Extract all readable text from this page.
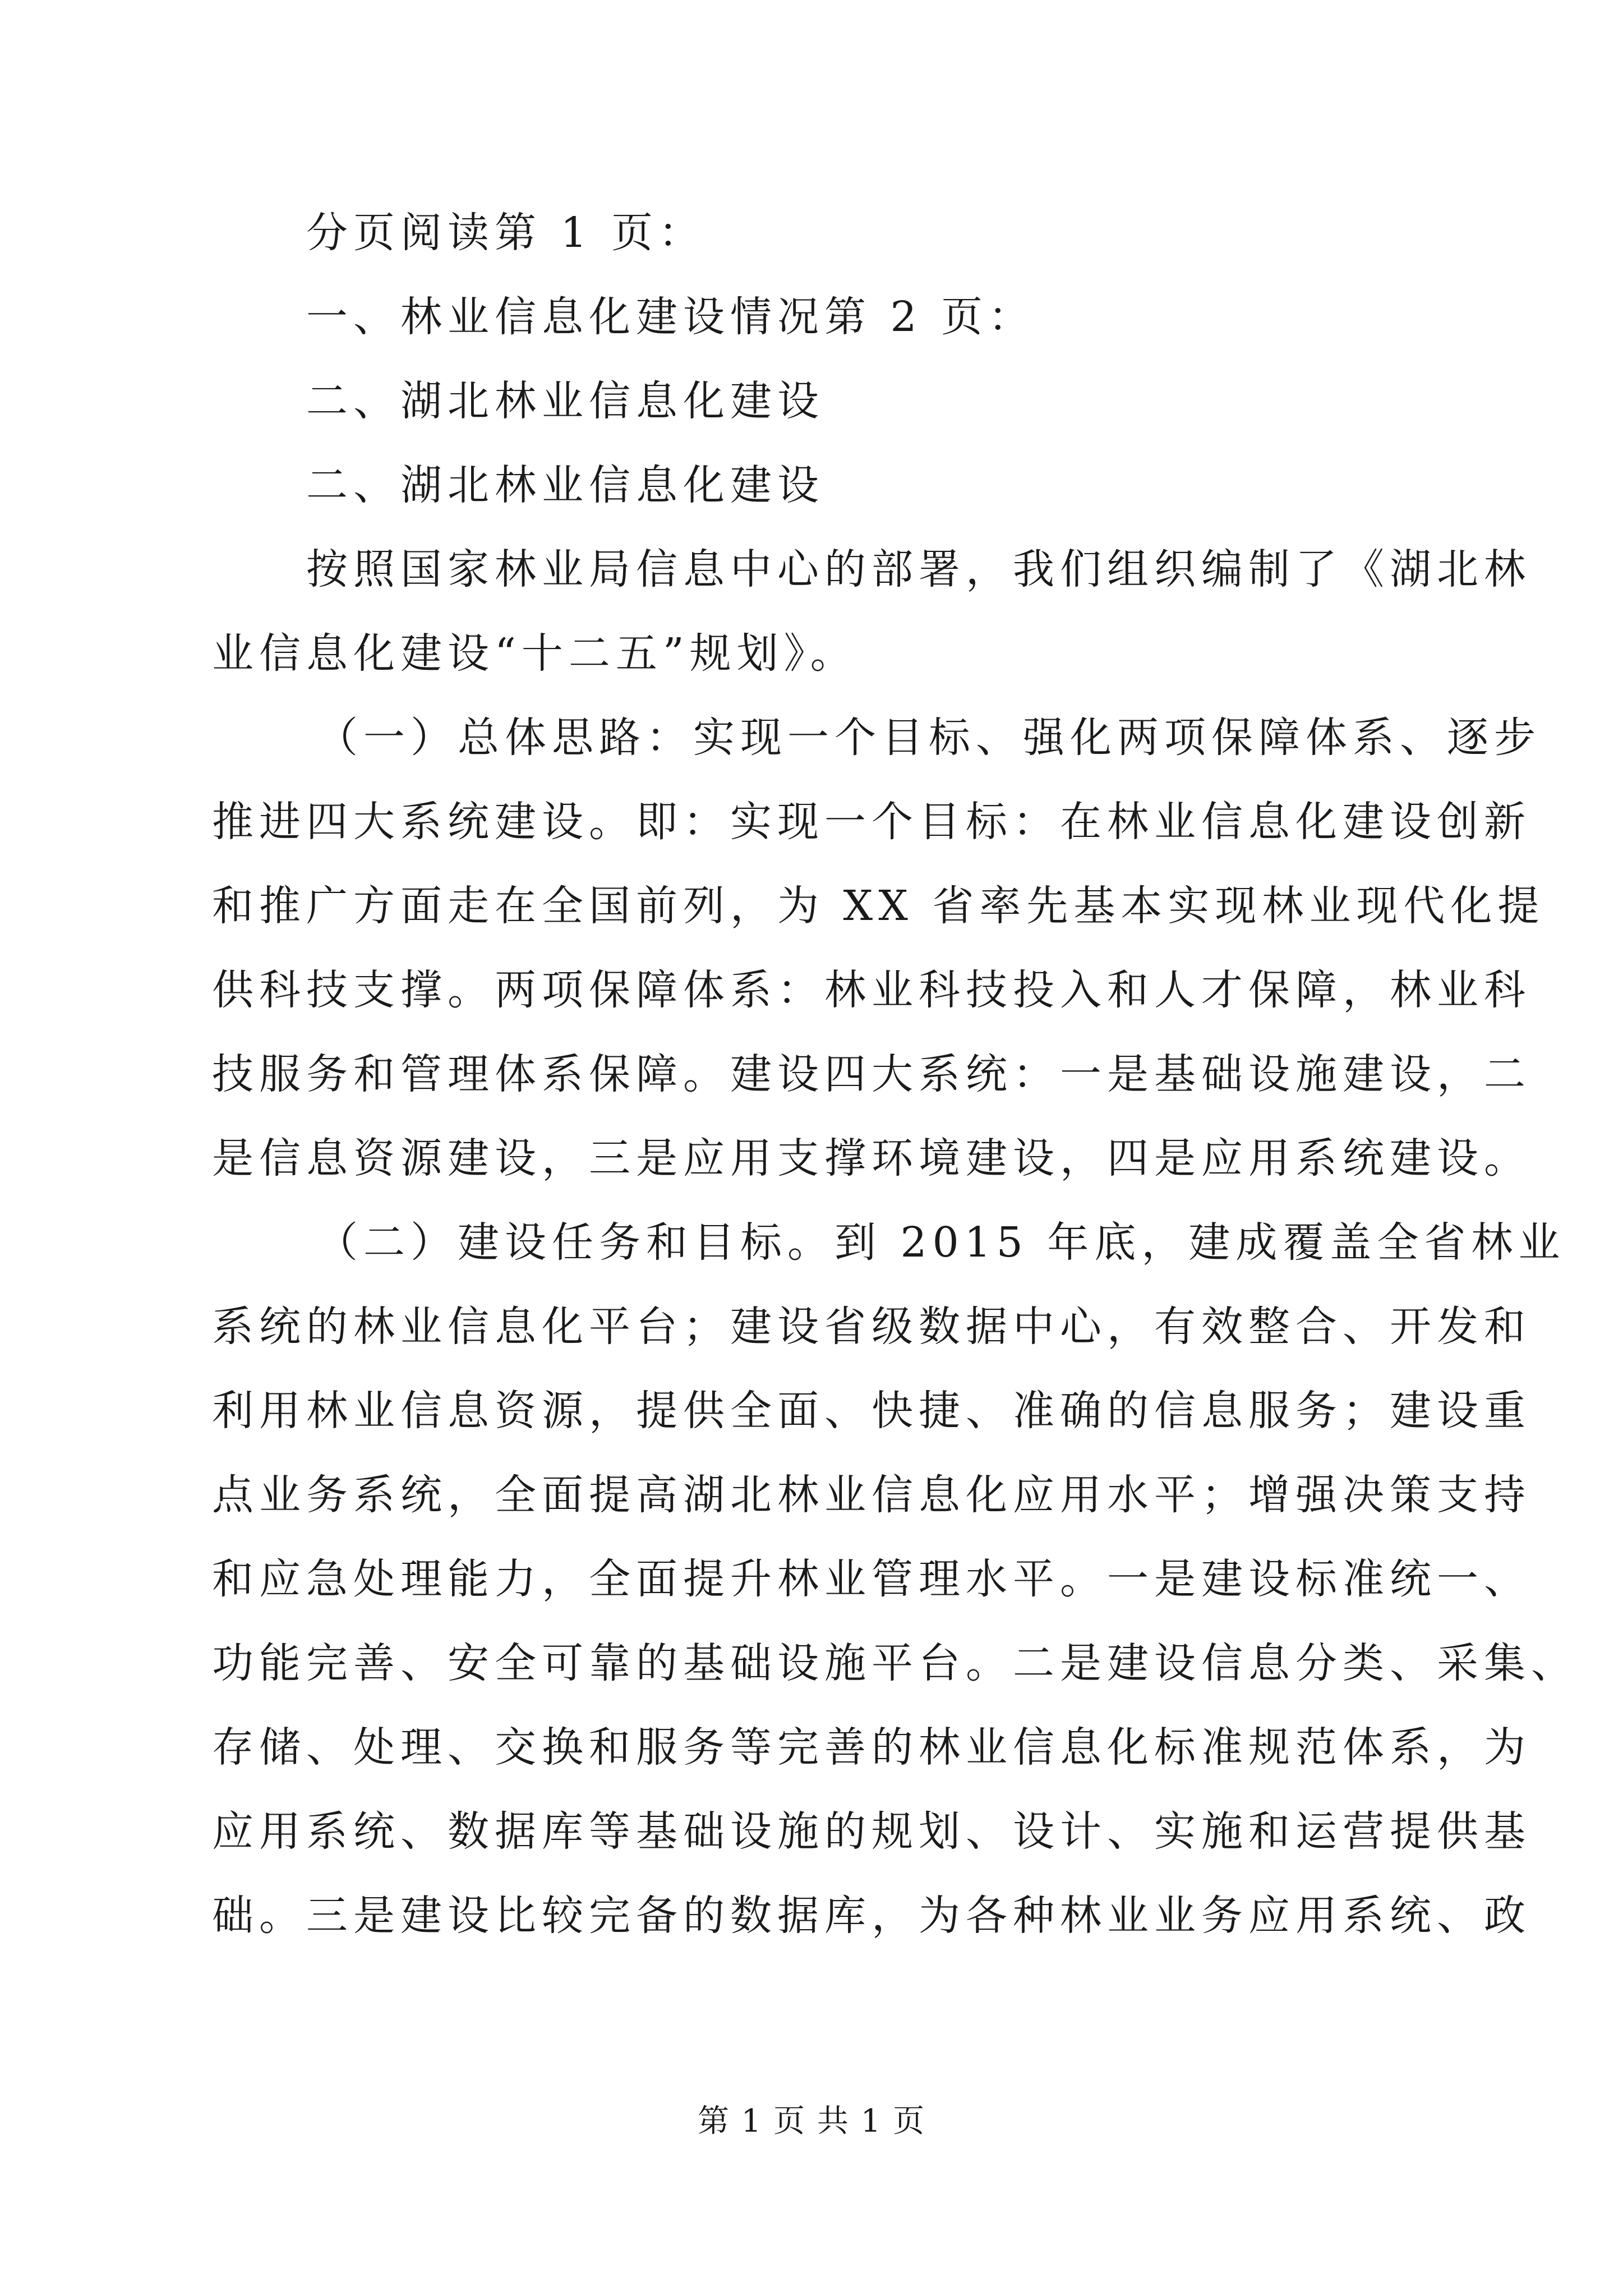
分页阅读第 1 页：
一、林业信息化建设情况第 2 页：
二、湖北林业信息化建设
二、湖北林业信息化建设
按照国家林业局信息中心的部署，我们组织编制了《湖北林
业信息化建设“十二五”规划》。
（一）总体思路：实现一个目标、强化两项保障体系、逐步
推进四大系统建设。即：实现一个目标：在林业信息化建设创新
和推广方面走在全国前列，为 XX 省率先基本实现林业现代化提
供科技支撑。两项保障体系：林业科技投入和人才保障，林业科
技服务和管理体系保障。建设四大系统：一是基础设施建设，二
是信息资源建设，三是应用支撑环境建设，四是应用系统建设。
（二）建设任务和目标。到 2015 年底，建成覆盖全省林业
系统的林业信息化平台；建设省级数据中心，有效整合、开发和
利用林业信息资源，提供全面、快捷、准确的信息服务；建设重
点业务系统，全面提高湖北林业信息化应用水平；增强决策支持
和应急处理能力，全面提升林业管理水平。一是建设标准统一、
功能完善、安全可靠的基础设施平台。二是建设信息分类、采集、
存储、处理、交换和服务等完善的林业信息化标准规范体系，为
应用系统、数据库等基础设施的规划、设计、实施和运营提供基
础。三是建设比较完备的数据库，为各种林业业务应用系统、政
第 1 页 共 1 页
